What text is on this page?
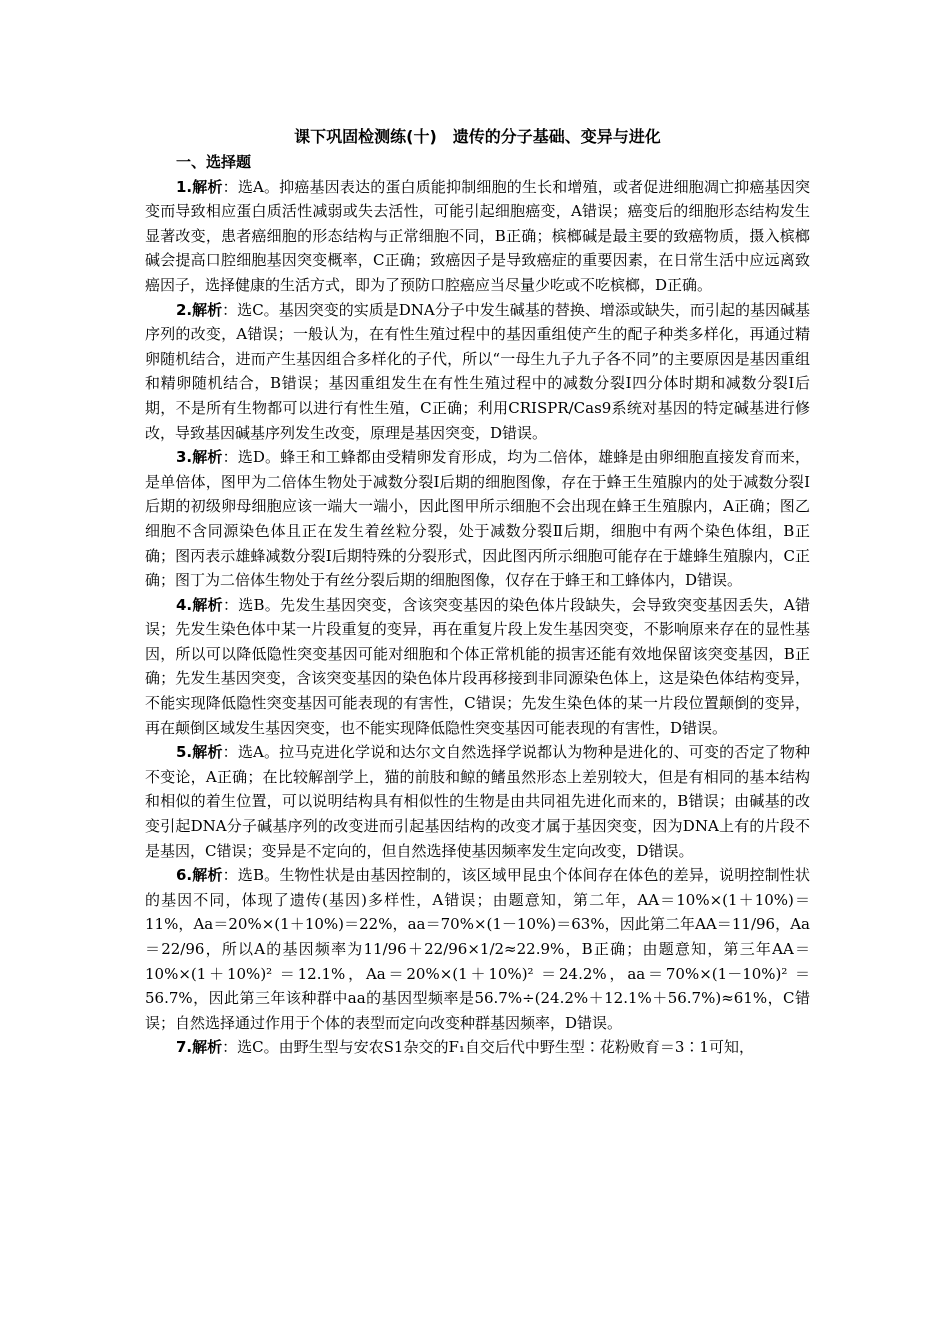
课下巩固检测练(十)　遗传的分子基础、变异与进化

一、选择题

1.解析：选A。抑癌基因表达的蛋白质能抑制细胞的生长和增殖，或者促进细胞凋亡抑癌基因突变而导致相应蛋白质活性减弱或失去活性，可能引起细胞癌变，A错误；癌变后的细胞形态结构发生显著改变，患者癌细胞的形态结构与正常细胞不同，B正确；槟榔碱是最主要的致癌物质，摄入槟榔碱会提高口腔细胞基因突变概率，C正确；致癌因子是导致癌症的重要因素，在日常生活中应远离致癌因子，选择健康的生活方式，即为了预防口腔癌应当尽量少吃或不吃槟榔，D正确。

2.解析：选C。基因突变的实质是DNA分子中发生碱基的替换、增添或缺失，而引起的基因碱基序列的改变，A错误；一般认为，在有性生殖过程中的基因重组使产生的配子种类多样化，再通过精卵随机结合，进而产生基因组合多样化的子代，所以“一母生九子九子各不同”的主要原因是基因重组和精卵随机结合，B错误；基因重组发生在有性生殖过程中的减数分裂Ⅰ四分体时期和减数分裂Ⅰ后期，不是所有生物都可以进行有性生殖，C正确；利用CRISPR/Cas9系统对基因的特定碱基进行修改，导致基因碱基序列发生改变，原理是基因突变，D错误。

3.解析：选D。蜂王和工蜂都由受精卵发育形成，均为二倍体，雄蜂是由卵细胞直接发育而来，是单倍体，图甲为二倍体生物处于减数分裂Ⅰ后期的细胞图像，存在于蜂王生殖腺内的处于减数分裂Ⅰ后期的初级卵母细胞应该一端大一端小，因此图甲所示细胞不会出现在蜂王生殖腺内，A正确；图乙细胞不含同源染色体且正在发生着丝粒分裂，处于减数分裂Ⅱ后期，细胞中有两个染色体组，B正确；图丙表示雄蜂减数分裂Ⅰ后期特殊的分裂形式，因此图丙所示细胞可能存在于雄蜂生殖腺内，C正确；图丁为二倍体生物处于有丝分裂后期的细胞图像，仅存在于蜂王和工蜂体内，D错误。

4.解析：选B。先发生基因突变，含该突变基因的染色体片段缺失，会导致突变基因丢失，A错误；先发生染色体中某一片段重复的变异，再在重复片段上发生基因突变，不影响原来存在的显性基因，所以可以降低隐性突变基因可能对细胞和个体正常机能的损害还能有效地保留该突变基因，B正确；先发生基因突变，含该突变基因的染色体片段再移接到非同源染色体上，这是染色体结构变异，不能实现降低隐性突变基因可能表现的有害性，C错误；先发生染色体的某一片段位置颠倒的变异，再在颠倒区域发生基因突变，也不能实现降低隐性突变基因可能表现的有害性，D错误。

5.解析：选A。拉马克进化学说和达尔文自然选择学说都认为物种是进化的、可变的否定了物种不变论，A正确；在比较解剖学上，猫的前肢和鲸的鳍虽然形态上差别较大，但是有相同的基本结构和相似的着生位置，可以说明结构具有相似性的生物是由共同祖先进化而来的，B错误；由碱基的改变引起DNA分子碱基序列的改变进而引起基因结构的改变才属于基因突变，因为DNA上有的片段不是基因，C错误；变异是不定向的，但自然选择使基因频率发生定向改变，D错误。

6.解析：选B。生物性状是由基因控制的，该区域甲昆虫个体间存在体色的差异，说明控制性状的基因不同，体现了遗传(基因)多样性，A错误；由题意知，第二年，AA＝10%×(1＋10%)＝11%，Aa＝20%×(1＋10%)＝22%，aa＝70%×(1－10%)＝63%，因此第二年AA＝11/96，Aa＝22/96，所以A的基因频率为11/96＋22/96×1/2≈22.9%，B正确；由题意知，第三年AA＝10%×(1＋10%)² ＝12.1%，Aa＝20%×(1＋10%)² ＝24.2%，aa＝70%×(1－10%)² ＝56.7%，因此第三年该种群中aa的基因型频率是56.7%÷(24.2%＋12.1%＋56.7%)≈61%，C错误；自然选择通过作用于个体的表型而定向改变种群基因频率，D错误。

7.解析：选C。由野生型与安农S1杂交的F₁自交后代中野生型∶花粉败育＝3∶1可知，
